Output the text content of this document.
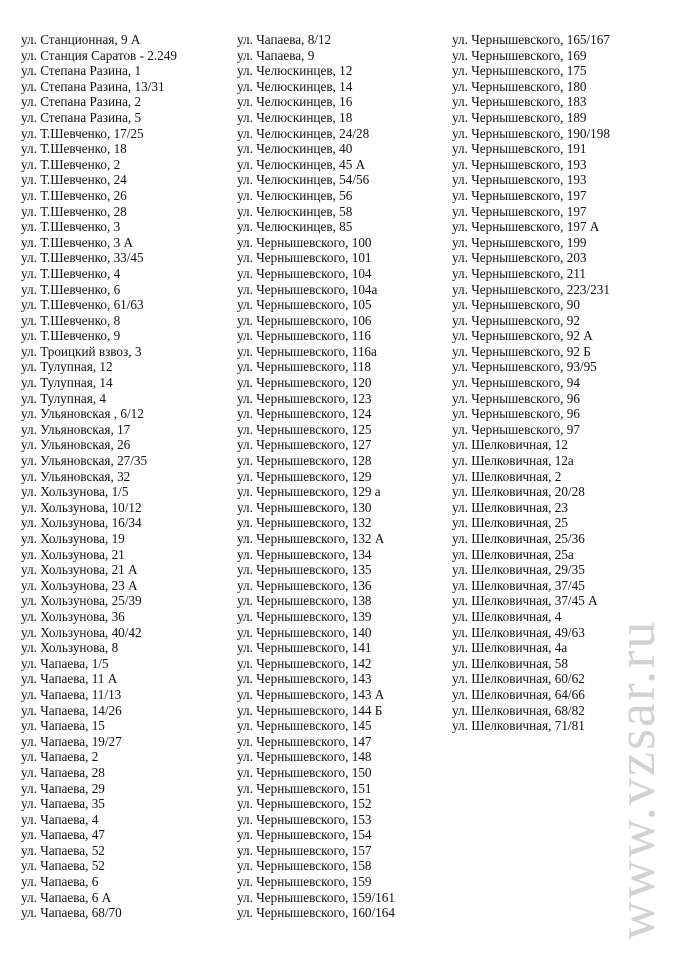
ул. Станционная, 9 А
ул. Станция Саратов - 2.249
ул. Степана Разина, 1
ул. Степана Разина, 13/31
ул. Степана Разина, 2
ул. Степана Разина, 5
ул. Т.Шевченко, 17/25
ул. Т.Шевченко, 18
ул. Т.Шевченко, 2
ул. Т.Шевченко, 24
ул. Т.Шевченко, 26
ул. Т.Шевченко, 28
ул. Т.Шевченко, 3
ул. Т.Шевченко, 3 А
ул. Т.Шевченко, 33/45
ул. Т.Шевченко, 4
ул. Т.Шевченко, 6
ул. Т.Шевченко, 61/63
ул. Т.Шевченко, 8
ул. Т.Шевченко, 9
ул. Троицкий взвоз, 3
ул. Тулупная, 12
ул. Тулупная, 14
ул. Тулупная, 4
ул. Ульяновская , 6/12
ул. Ульяновская, 17
ул. Ульяновская, 26
ул. Ульяновская, 27/35
ул. Ульяновская, 32
ул. Хользунова, 1/5
ул. Хользунова, 10/12
ул. Хользунова, 16/34
ул. Хользунова, 19
ул. Хользунова, 21
ул. Хользунова, 21 А
ул. Хользунова, 23 А
ул. Хользунова, 25/39
ул. Хользунова, 36
ул. Хользунова, 40/42
ул. Хользунова, 8
ул. Чапаева, 1/5
ул. Чапаева, 11 А
ул. Чапаева, 11/13
ул. Чапаева, 14/26
ул. Чапаева, 15
ул. Чапаева, 19/27
ул. Чапаева, 2
ул. Чапаева, 28
ул. Чапаева, 29
ул. Чапаева, 35
ул. Чапаева, 4
ул. Чапаева, 47
ул. Чапаева, 52
ул. Чапаева, 52
ул. Чапаева, 6
ул. Чапаева, 6 А
ул. Чапаева, 68/70
ул. Чапаева, 8/12
ул. Чапаева, 9
ул. Челюскинцев, 12
ул. Челюскинцев, 14
ул. Челюскинцев, 16
ул. Челюскинцев, 18
ул. Челюскинцев, 24/28
ул. Челюскинцев, 40
ул. Челюскинцев, 45 А
ул. Челюскинцев, 54/56
ул. Челюскинцев, 56
ул. Челюскинцев, 58
ул. Челюскинцев, 85
ул. Чернышевского, 100
ул. Чернышевского, 101
ул. Чернышевского, 104
ул. Чернышевского, 104а
ул. Чернышевского, 105
ул. Чернышевского, 106
ул. Чернышевского, 116
ул. Чернышевского, 116а
ул. Чернышевского, 118
ул. Чернышевского, 120
ул. Чернышевского, 123
ул. Чернышевского, 124
ул. Чернышевского, 125
ул. Чернышевского, 127
ул. Чернышевского, 128
ул. Чернышевского, 129
ул. Чернышевского, 129 а
ул. Чернышевского, 130
ул. Чернышевского, 132
ул. Чернышевского, 132 А
ул. Чернышевского, 134
ул. Чернышевского, 135
ул. Чернышевского, 136
ул. Чернышевского, 138
ул. Чернышевского, 139
ул. Чернышевского, 140
ул. Чернышевского, 141
ул. Чернышевского, 142
ул. Чернышевского, 143
ул. Чернышевского, 143 А
ул. Чернышевского, 144 Б
ул. Чернышевского, 145
ул. Чернышевского, 147
ул. Чернышевского, 148
ул. Чернышевского, 150
ул. Чернышевского, 151
ул. Чернышевского, 152
ул. Чернышевского, 153
ул. Чернышевского, 154
ул. Чернышевского, 157
ул. Чернышевского, 158
ул. Чернышевского, 159
ул. Чернышевского, 159/161
ул. Чернышевского, 160/164
ул. Чернышевского, 165/167
ул. Чернышевского, 169
ул. Чернышевского, 175
ул. Чернышевского, 180
ул. Чернышевского, 183
ул. Чернышевского, 189
ул. Чернышевского, 190/198
ул. Чернышевского, 191
ул. Чернышевского, 193
ул. Чернышевского, 193
ул. Чернышевского, 197
ул. Чернышевского, 197
ул. Чернышевского, 197 А
ул. Чернышевского, 199
ул. Чернышевского, 203
ул. Чернышевского, 211
ул. Чернышевского, 223/231
ул. Чернышевского, 90
ул. Чернышевского, 92
ул. Чернышевского, 92 А
ул. Чернышевского, 92 Б
ул. Чернышевского, 93/95
ул. Чернышевского, 94
ул. Чернышевского, 96
ул. Чернышевского, 96
ул. Чернышевского, 97
ул. Шелковичная, 12
ул. Шелковичная, 12а
ул. Шелковичная, 2
ул. Шелковичная, 20/28
ул. Шелковичная, 23
ул. Шелковичная, 25
ул. Шелковичная, 25/36
ул. Шелковичная, 25а
ул. Шелковичная, 29/35
ул. Шелковичная, 37/45
ул. Шелковичная, 37/45 А
ул. Шелковичная, 4
ул. Шелковичная, 49/63
ул. Шелковичная, 4а
ул. Шелковичная, 58
ул. Шелковичная, 60/62
ул. Шелковичная, 64/66
ул. Шелковичная, 68/82
ул. Шелковичная, 71/81 www.vzsar.ru
